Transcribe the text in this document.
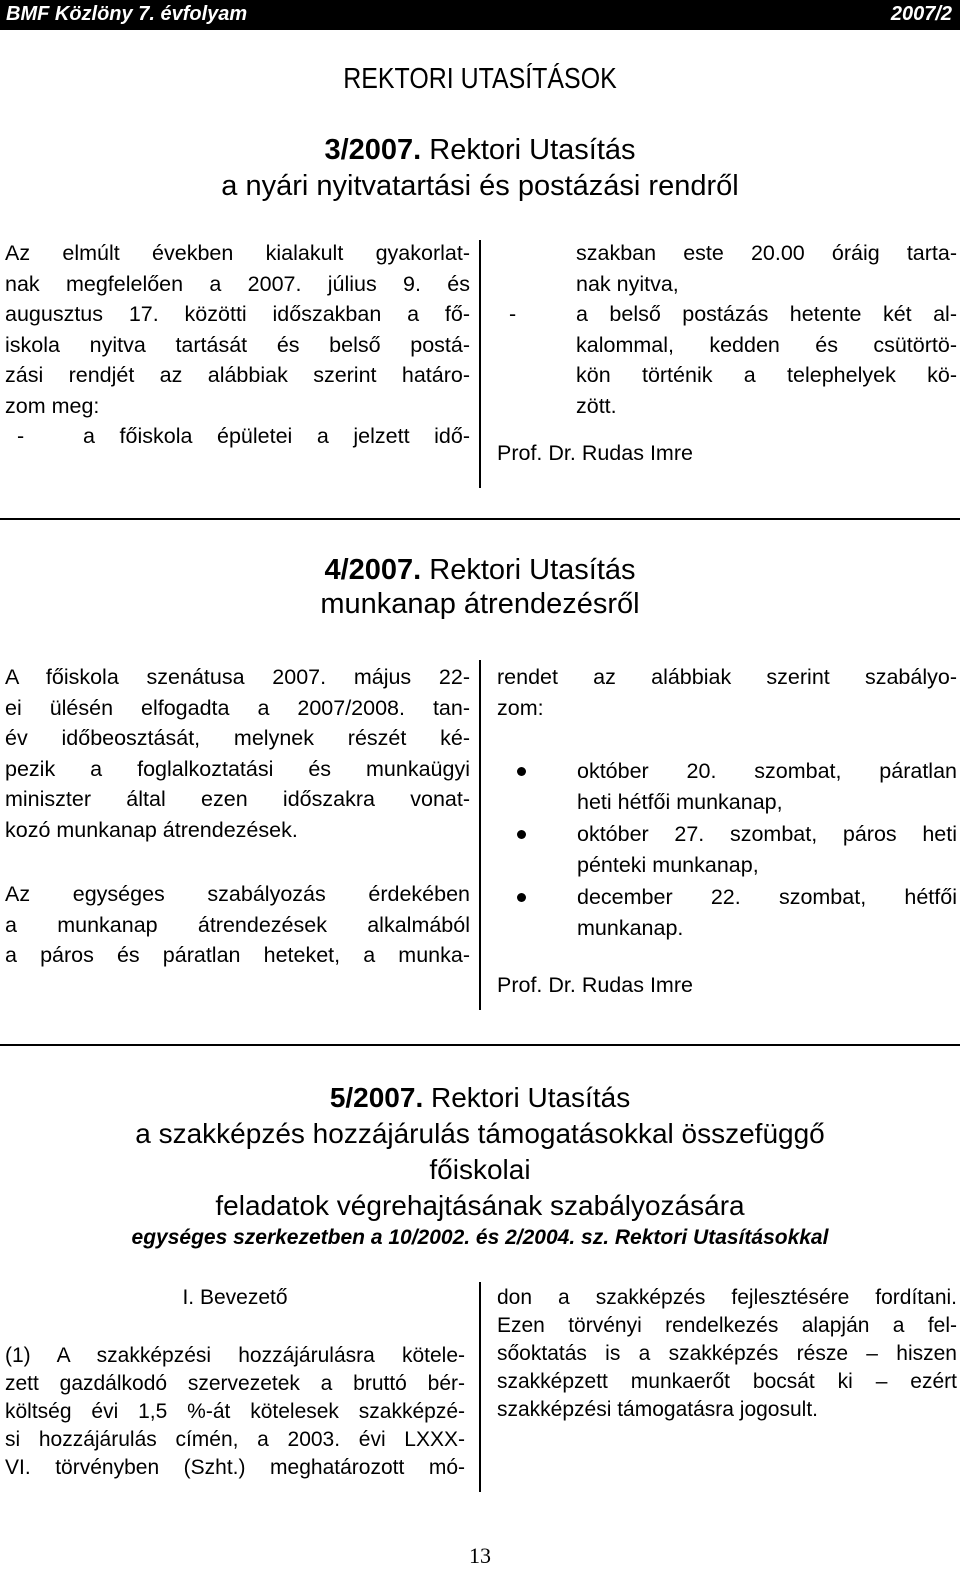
BMF Közlöny 7. évfolyam	2007/2
REKTORI UTASÍTÁSOK
3/2007. Rektori Utasítás
a nyári nyitvatartási és postázási rendről
Az elmúlt években kialakult gyakorlat-
nak megfelelően a 2007. július 9. és
augusztus 17. közötti időszakban a fő-
iskola nyitva tartását és belső postá-
zási rendjét az alábbiak szerint határo-
zom meg:
-	a főiskola épületei a jelzett idő-
szakban este 20.00 óráig tarta-
nak nyitva,
-	a belső postázás hetente két al-
kalommal, kedden és csütörtö-
kön történik a telephelyek kö-
zött.
Prof. Dr. Rudas Imre
4/2007. Rektori Utasítás
munkanap átrendezésről
A főiskola szenátusa 2007. május 22-
ei ülésén elfogadta a 2007/2008. tan-
év időbeosztását, melynek részét ké-
pezik a foglalkoztatási és munkaügyi
miniszter által ezen időszakra vonat-
kozó munkanap átrendezések.
Az egységes szabályozás érdekében
a munkanap átrendezések alkalmából
a páros és páratlan heteket, a munka-
rendet az alábbiak szerint szabályo-
zom:
október 20. szombat, páratlan
heti hétfői munkanap,
október 27. szombat, páros heti
pénteki munkanap,
december 22. szombat, hétfői
munkanap.
Prof. Dr. Rudas Imre
5/2007. Rektori Utasítás
a szakképzés hozzájárulás támogatásokkal összefüggő
főiskolai
feladatok végrehajtásának szabályozására
egységes szerkezetben a 10/2002. és 2/2004. sz. Rektori Utasításokkal
I. Bevezető
(1) A szakképzési hozzájárulásra kötele-
zett gazdálkodó szervezetek a bruttó bér-
költség évi 1,5 %-át kötelesek szakképzé-
si hozzájárulás címén, a 2003. évi LXXX-
VI. törvényben (Szht.) meghatározott mó-
don a szakképzés fejlesztésére fordítani.
Ezen törvényi rendelkezés alapján a fel-
sőoktatás is a szakképzés része – hiszen
szakképzett munkaerőt bocsát ki – ezért
szakképzési támogatásra jogosult.
13
